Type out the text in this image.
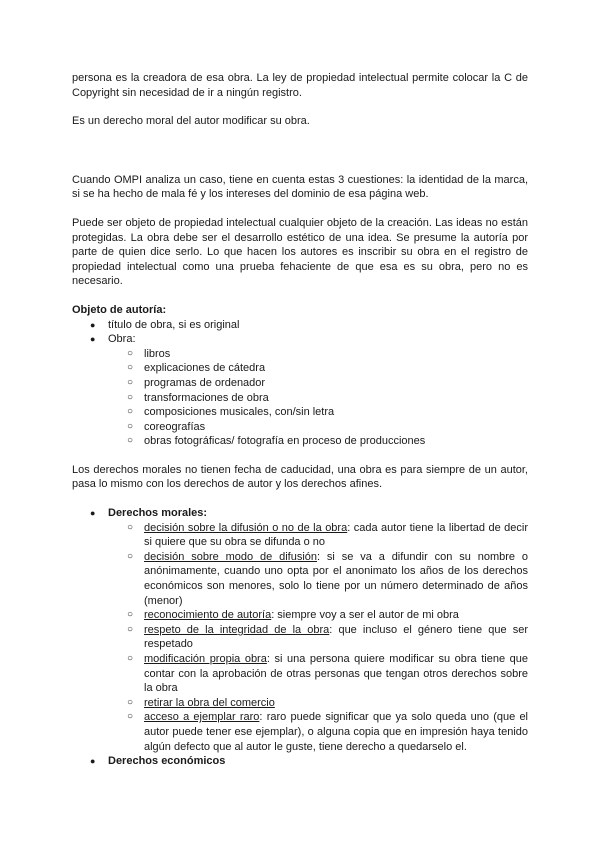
persona es la creadora de esa obra. La ley de propiedad intelectual permite colocar la C de Copyright sin necesidad de ir a ningún registro.

Es un derecho moral del autor modificar su obra.

Cuando OMPI analiza un caso, tiene en cuenta estas 3 cuestiones: la identidad de la marca, si se ha hecho de mala fé y los intereses del dominio de esa página web.

Puede ser objeto de propiedad intelectual cualquier objeto de la creación. Las ideas no están protegidas. La obra debe ser el desarrollo estético de una idea. Se presume la autoría por parte de quien dice serlo. Lo que hacen los autores es inscribir su obra en el registro de propiedad intelectual como una prueba fehaciente de que esa es su obra, pero no es necesario.

Objeto de autoría:

● título de obra, si es original
● Obra:
○ libros
○ explicaciones de cátedra
○ programas de ordenador
○ transformaciones de obra
○ composiciones musicales, con/sin letra
○ coreografías
○ obras fotográficas/ fotografía en proceso de producciones

Los derechos morales no tienen fecha de caducidad, una obra es para siempre de un autor, pasa lo mismo con los derechos de autor y los derechos afines.

● Derechos morales:
○ decisión sobre la difusión o no de la obra: cada autor tiene la libertad de decir si quiere que su obra se difunda o no
○ decisión sobre modo de difusión: si se va a difundir con su nombre o anónimamente, cuando uno opta por el anonimato los años de los derechos económicos son menores, solo lo tiene por un número determinado de años (menor)
○ reconocimiento de autoría: siempre voy a ser el autor de mi obra
○ respeto de la integridad de la obra: que incluso el género tiene que ser respetado
○ modificación propia obra: si una persona quiere modificar su obra tiene que contar con la aprobación de otras personas que tengan otros derechos sobre la obra
○ retirar la obra del comercio
○ acceso a ejemplar raro: raro puede significar que ya solo queda uno (que el autor puede tener ese ejemplar), o alguna copia que en impresión haya tenido algún defecto que al autor le guste, tiene derecho a quedarselo el.
● Derechos económicos
